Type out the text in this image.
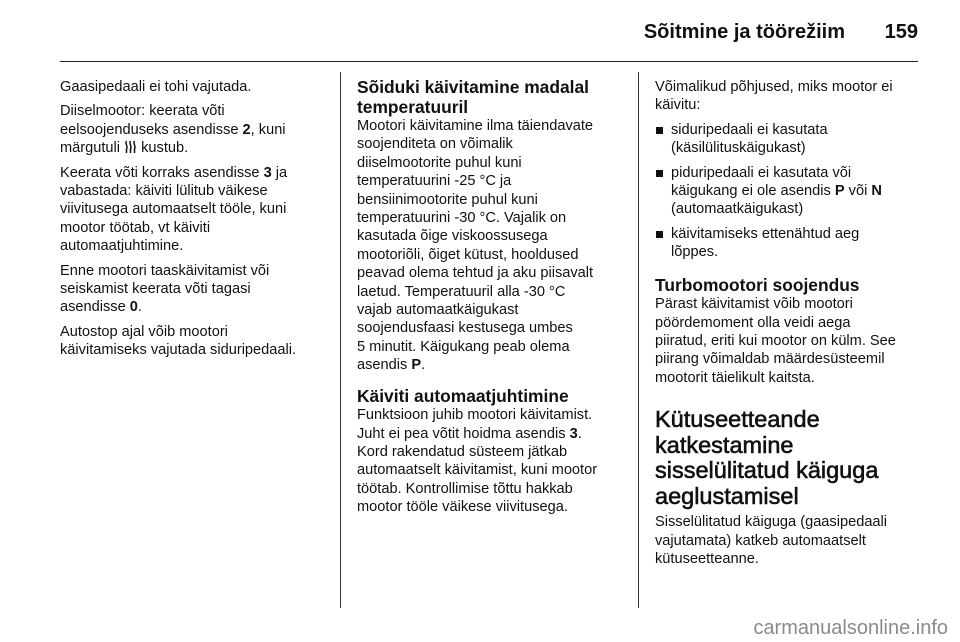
Sõitmine ja töörežiim 159

Gaasipedaali ei tohi vajutada.

Diiselmootor: keerata võti
eelsoojenduseks asendisse 2, kuni
märgutuli  kustub.

Keerata võti korraks asendisse 3 ja
vabastada: käiviti lülitub väikese
viivitusega automaatselt tööle, kuni
mootor töötab, vt käiviti
automaatjuhtimine.

Enne mootori taaskäivitamist või
seiskamist keerata võti tagasi
asendisse 0.

Autostop ajal võib mootori
käivitamiseks vajutada siduripedaali.

Sõiduki käivitamine madalal
temperatuuril

Mootori käivitamine ilma täiendavate
soojenditeta on võimalik
diiselmootorite puhul kuni
temperatuurini -25 °C ja
bensiinimootorite puhul kuni
temperatuurini -30 °C. Vajalik on
kasutada õige viskoossusega
mootoriõli, õiget kütust, hooldused
peavad olema tehtud ja aku piisavalt
laetud. Temperatuuril alla -30 °C
vajab automaatkäigukast
soojendusfaasi kestusega umbes
5 minutit. Käigukang peab olema
asendis P.

Käiviti automaatjuhtimine

Funktsioon juhib mootori käivitamist.
Juht ei pea võtit hoidma asendis 3.
Kord rakendatud süsteem jätkab
automaatselt käivitamist, kuni mootor
töötab. Kontrollimise tõttu hakkab
mootor tööle väikese viivitusega.

Võimalikud põhjused, miks mootor ei
käivitu:

siduripedaali ei kasutata
(käsilülituskäigukast)
piduripedaali ei kasutata või
käigukang ei ole asendis P või N
(automaatkäigukast)
käivitamiseks ettenähtud aeg
lõppes.
Turbomootori soojendus

Pärast käivitamist võib mootori
pöördemoment olla veidi aega
piiratud, eriti kui mootor on külm. See
piirang võimaldab määrdesüsteemil
mootorit täielikult kaitsta.

Kütuseetteande
katkestamine
sisselülitatud käiguga
aeglustamisel

Sisselülitatud käiguga (gaasipedaali
vajutamata) katkeb automaatselt
kütuseetteanne.

carmanualsonline.info
